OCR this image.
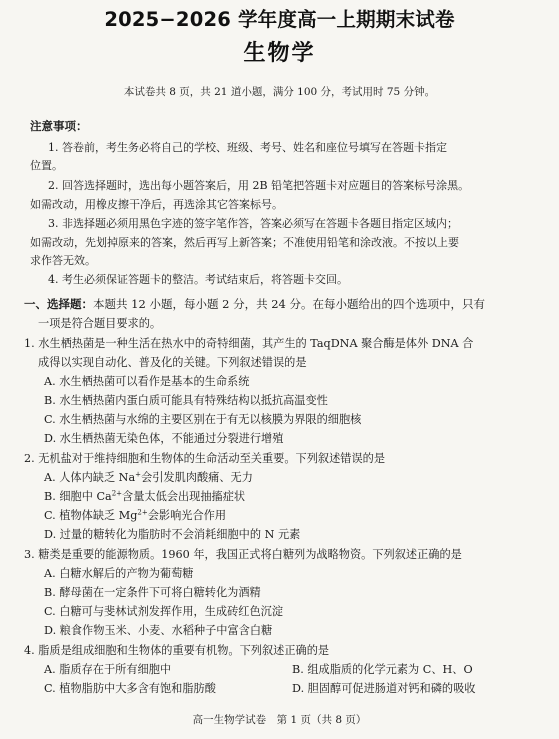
2025−2026 学年度高一上期期末试卷
生物学
本试卷共 8 页，共 21 道小题，满分 100 分，考试用时 75 分钟。
注意事项：
1. 答卷前，考生务必将自己的学校、班级、考号、姓名和座位号填写在答题卡指定
位置。
2. 回答选择题时，选出每小题答案后，用 2B 铅笔把答题卡对应题目的答案标号涂黑。
如需改动，用橡皮擦干净后，再选涂其它答案标号。
3. 非选择题必须用黑色字迹的签字笔作答，答案必须写在答题卡各题目指定区域内；
如需改动，先划掉原来的答案，然后再写上新答案；不准使用铅笔和涂改液。不按以上要
求作答无效。
4. 考生必须保证答题卡的整洁。考试结束后，将答题卡交回。
一、选择题：本题共 12 小题，每小题 2 分，共 24 分。在每小题给出的四个选项中，只有
一项是符合题目要求的。
1. 水生栖热菌是一种生活在热水中的奇特细菌，其产生的 TaqDNA 聚合酶是体外 DNA 合
成得以实现自动化、普及化的关键。下列叙述错误的是
A. 水生栖热菌可以看作是基本的生命系统
B. 水生栖热菌内蛋白质可能具有特殊结构以抵抗高温变性
C. 水生栖热菌与水绵的主要区别在于有无以核膜为界限的细胞核
D. 水生栖热菌无染色体，不能通过分裂进行增殖
2. 无机盐对于维持细胞和生物体的生命活动至关重要。下列叙述错误的是
A. 人体内缺乏 Na+会引发肌肉酸痛、无力
B. 细胞中 $Ca^{2+}$含量太低会出现抽搐症状
C. 植物体缺乏 $Mg^{2+}$会影响光合作用
D. 过量的糖转化为脂肪时不会消耗细胞中的 N 元素
3. 糖类是重要的能源物质。1960 年，我国正式将白糖列为战略物资。下列叙述正确的是
A. 白糖水解后的产物为葡萄糖
B. 酵母菌在一定条件下可将白糖转化为酒精
C. 白糖可与斐林试剂发挥作用，生成砖红色沉淀
D. 粮食作物玉米、小麦、水稻种子中富含白糖
4. 脂质是组成细胞和生物体的重要有机物。下列叙述正确的是
A. 脂质存在于所有细胞中	B. 组成脂质的化学元素为 C、H、O
C. 植物脂肪中大多含有饱和脂肪酸	D. 胆固醇可促进肠道对钙和磷的吸收
高一生物学试卷　第 1 页（共 8 页）
